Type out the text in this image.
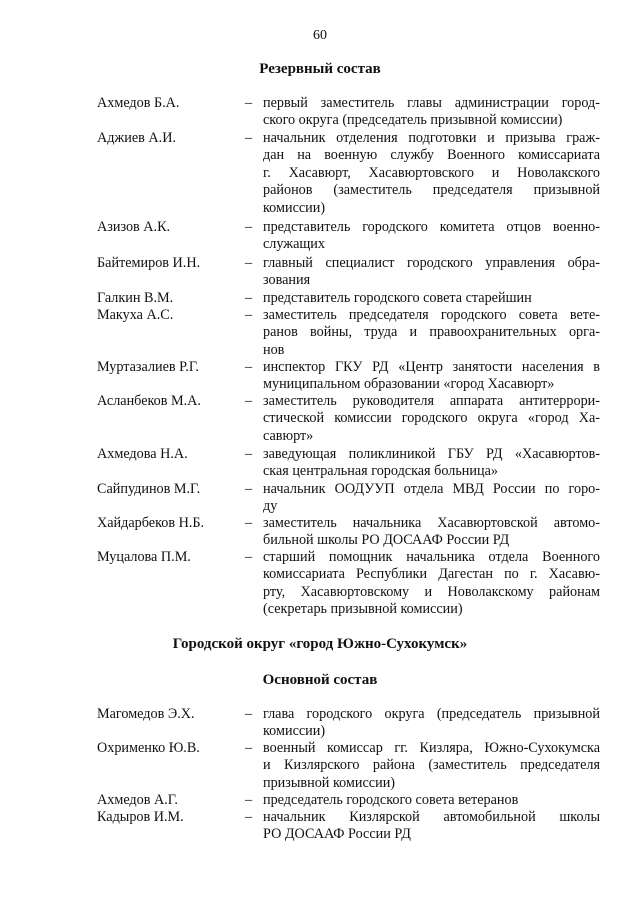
60
Резервный состав
Ахмедов Б.А.	– первый заместитель главы администрации город-
ского округа (председатель призывной комиссии)
Аджиев А.И.	– начальник отделения подготовки и призыва граж-
дан на военную службу Военного комиссариата
г. Хасавюрт, Хасавюртовского и Новолакского
районов (заместитель председателя призывной
комиссии)
Азизов А.К.	– представитель городского комитета отцов военно-
служащих
Байтемиров И.Н.	– главный специалист городского управления обра-
зования
Галкин В.М.	– представитель городского совета старейшин
Макуха А.С.	– заместитель председателя городского совета вете-
ранов войны, труда и правоохранительных орга-
нов
Муртазалиев Р.Г.	– инспектор ГКУ РД «Центр занятости населения в
муниципальном образовании «город Хасавюрт»
Асланбеков М.А.	– заместитель руководителя аппарата антитеррори-
стической комиссии городского округа «город Ха-
савюрт»
Ахмедова Н.А.	– заведующая поликлиникой ГБУ РД «Хасавюртов-
ская центральная городская больница»
Сайпудинов М.Г.	– начальник ООДУУП отдела МВД России по горо-
ду
Хайдарбеков Н.Б.	– заместитель начальника Хасавюртовской автомо-
бильной школы РО ДОСААФ России РД
Муцалова П.М.	– старший помощник начальника отдела Военного
комиссариата Республики Дагестан по г. Хасавю-
рту, Хасавюртовскому и Новолакскому районам
(секретарь призывной комиссии)
Городской округ «город Южно-Сухокумск»
Основной состав
Магомедов Э.Х.	– глава городского округа (председатель призывной
комиссии)
Охрименко Ю.В.	– военный комиссар гг. Кизляра, Южно-Сухокумска
и Кизлярского района (заместитель председателя
призывной комиссии)
Ахмедов А.Г.	– председатель городского совета ветеранов
Кадыров И.М.	– начальник Кизлярской автомобильной школы
РО ДОСААФ России РД
